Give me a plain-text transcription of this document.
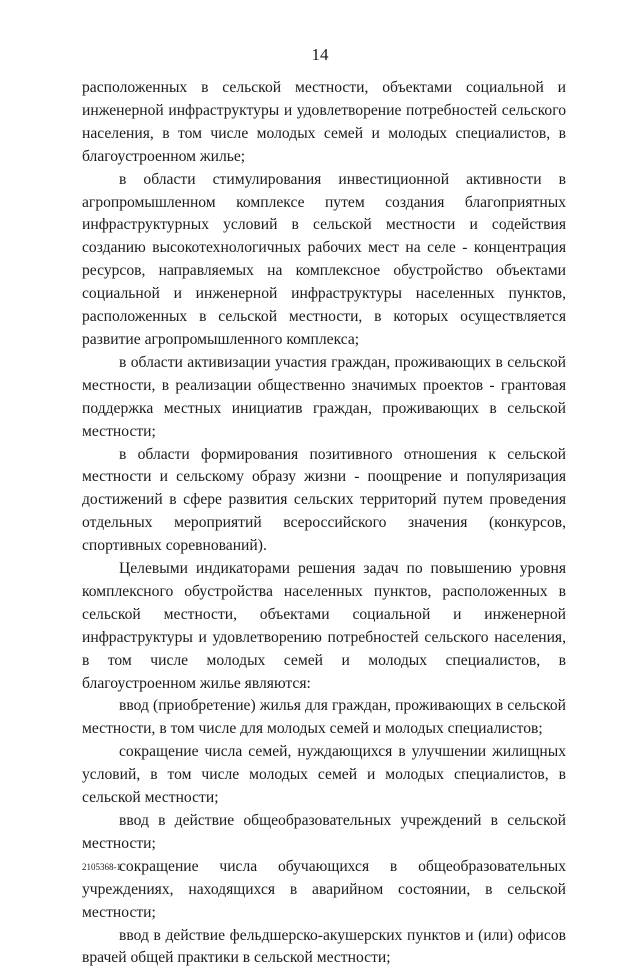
14

расположенных в сельской местности, объектами социальной и инженерной инфраструктуры и удовлетворение потребностей сельского населения, в том числе молодых семей и молодых специалистов, в благоустроенном жилье;

в области стимулирования инвестиционной активности в агропромышленном комплексе путем создания благоприятных инфраструктурных условий в сельской местности и содействия созданию высокотехнологичных рабочих мест на селе - концентрация ресурсов, направляемых на комплексное обустройство объектами социальной и инженерной инфраструктуры населенных пунктов, расположенных в сельской местности, в которых осуществляется развитие агропромышленного комплекса;

в области активизации участия граждан, проживающих в сельской местности, в реализации общественно значимых проектов - грантовая поддержка местных инициатив граждан, проживающих в сельской местности;

в области формирования позитивного отношения к сельской местности и сельскому образу жизни - поощрение и популяризация достижений в сфере развития сельских территорий путем проведения отдельных мероприятий всероссийского значения (конкурсов, спортивных соревнований).

Целевыми индикаторами решения задач по повышению уровня комплексного обустройства населенных пунктов, расположенных в сельской местности, объектами социальной и инженерной инфраструктуры и удовлетворению потребностей сельского населения, в том числе молодых семей и молодых специалистов, в благоустроенном жилье являются:

ввод (приобретение) жилья для граждан, проживающих в сельской местности, в том числе для молодых семей и молодых специалистов;

сокращение числа семей, нуждающихся в улучшении жилищных условий, в том числе молодых семей и молодых специалистов, в сельской местности;

ввод в действие общеобразовательных учреждений в сельской местности;

сокращение числа обучающихся в общеобразовательных учреждениях, находящихся в аварийном состоянии, в сельской местности;

ввод в действие фельдшерско-акушерских пунктов и (или) офисов врачей общей практики в сельской местности;

2105368-1
